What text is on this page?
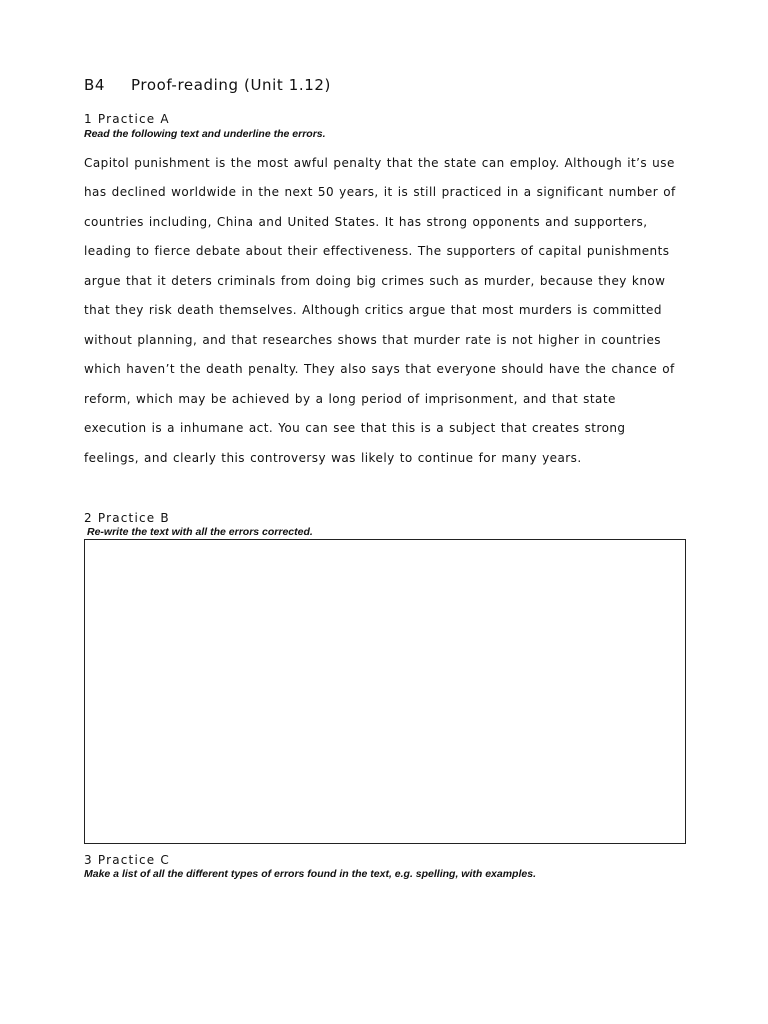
B4 Proof-reading (Unit 1.12)
1 Practice A
Read the following text and underline the errors.
Capitol punishment is the most awful penalty that the state can employ. Although it’s use
has declined worldwide in the next 50 years, it is still practiced in a significant number of
countries including, China and United States. It has strong opponents and supporters,
leading to fierce debate about their effectiveness. The supporters of capital punishments
argue that it deters criminals from doing big crimes such as murder, because they know
that they risk death themselves. Although critics argue that most murders is committed
without planning, and that researches shows that murder rate is not higher in countries
which haven’t the death penalty. They also says that everyone should have the chance of
reform, which may be achieved by a long period of imprisonment, and that state
execution is a inhumane act. You can see that this is a subject that creates strong
feelings, and clearly this controversy was likely to continue for many years.
2 Practice B
Re-write the text with all the errors corrected.
3 Practice C
Make a list of all the different types of errors found in the text, e.g. spelling, with examples.
